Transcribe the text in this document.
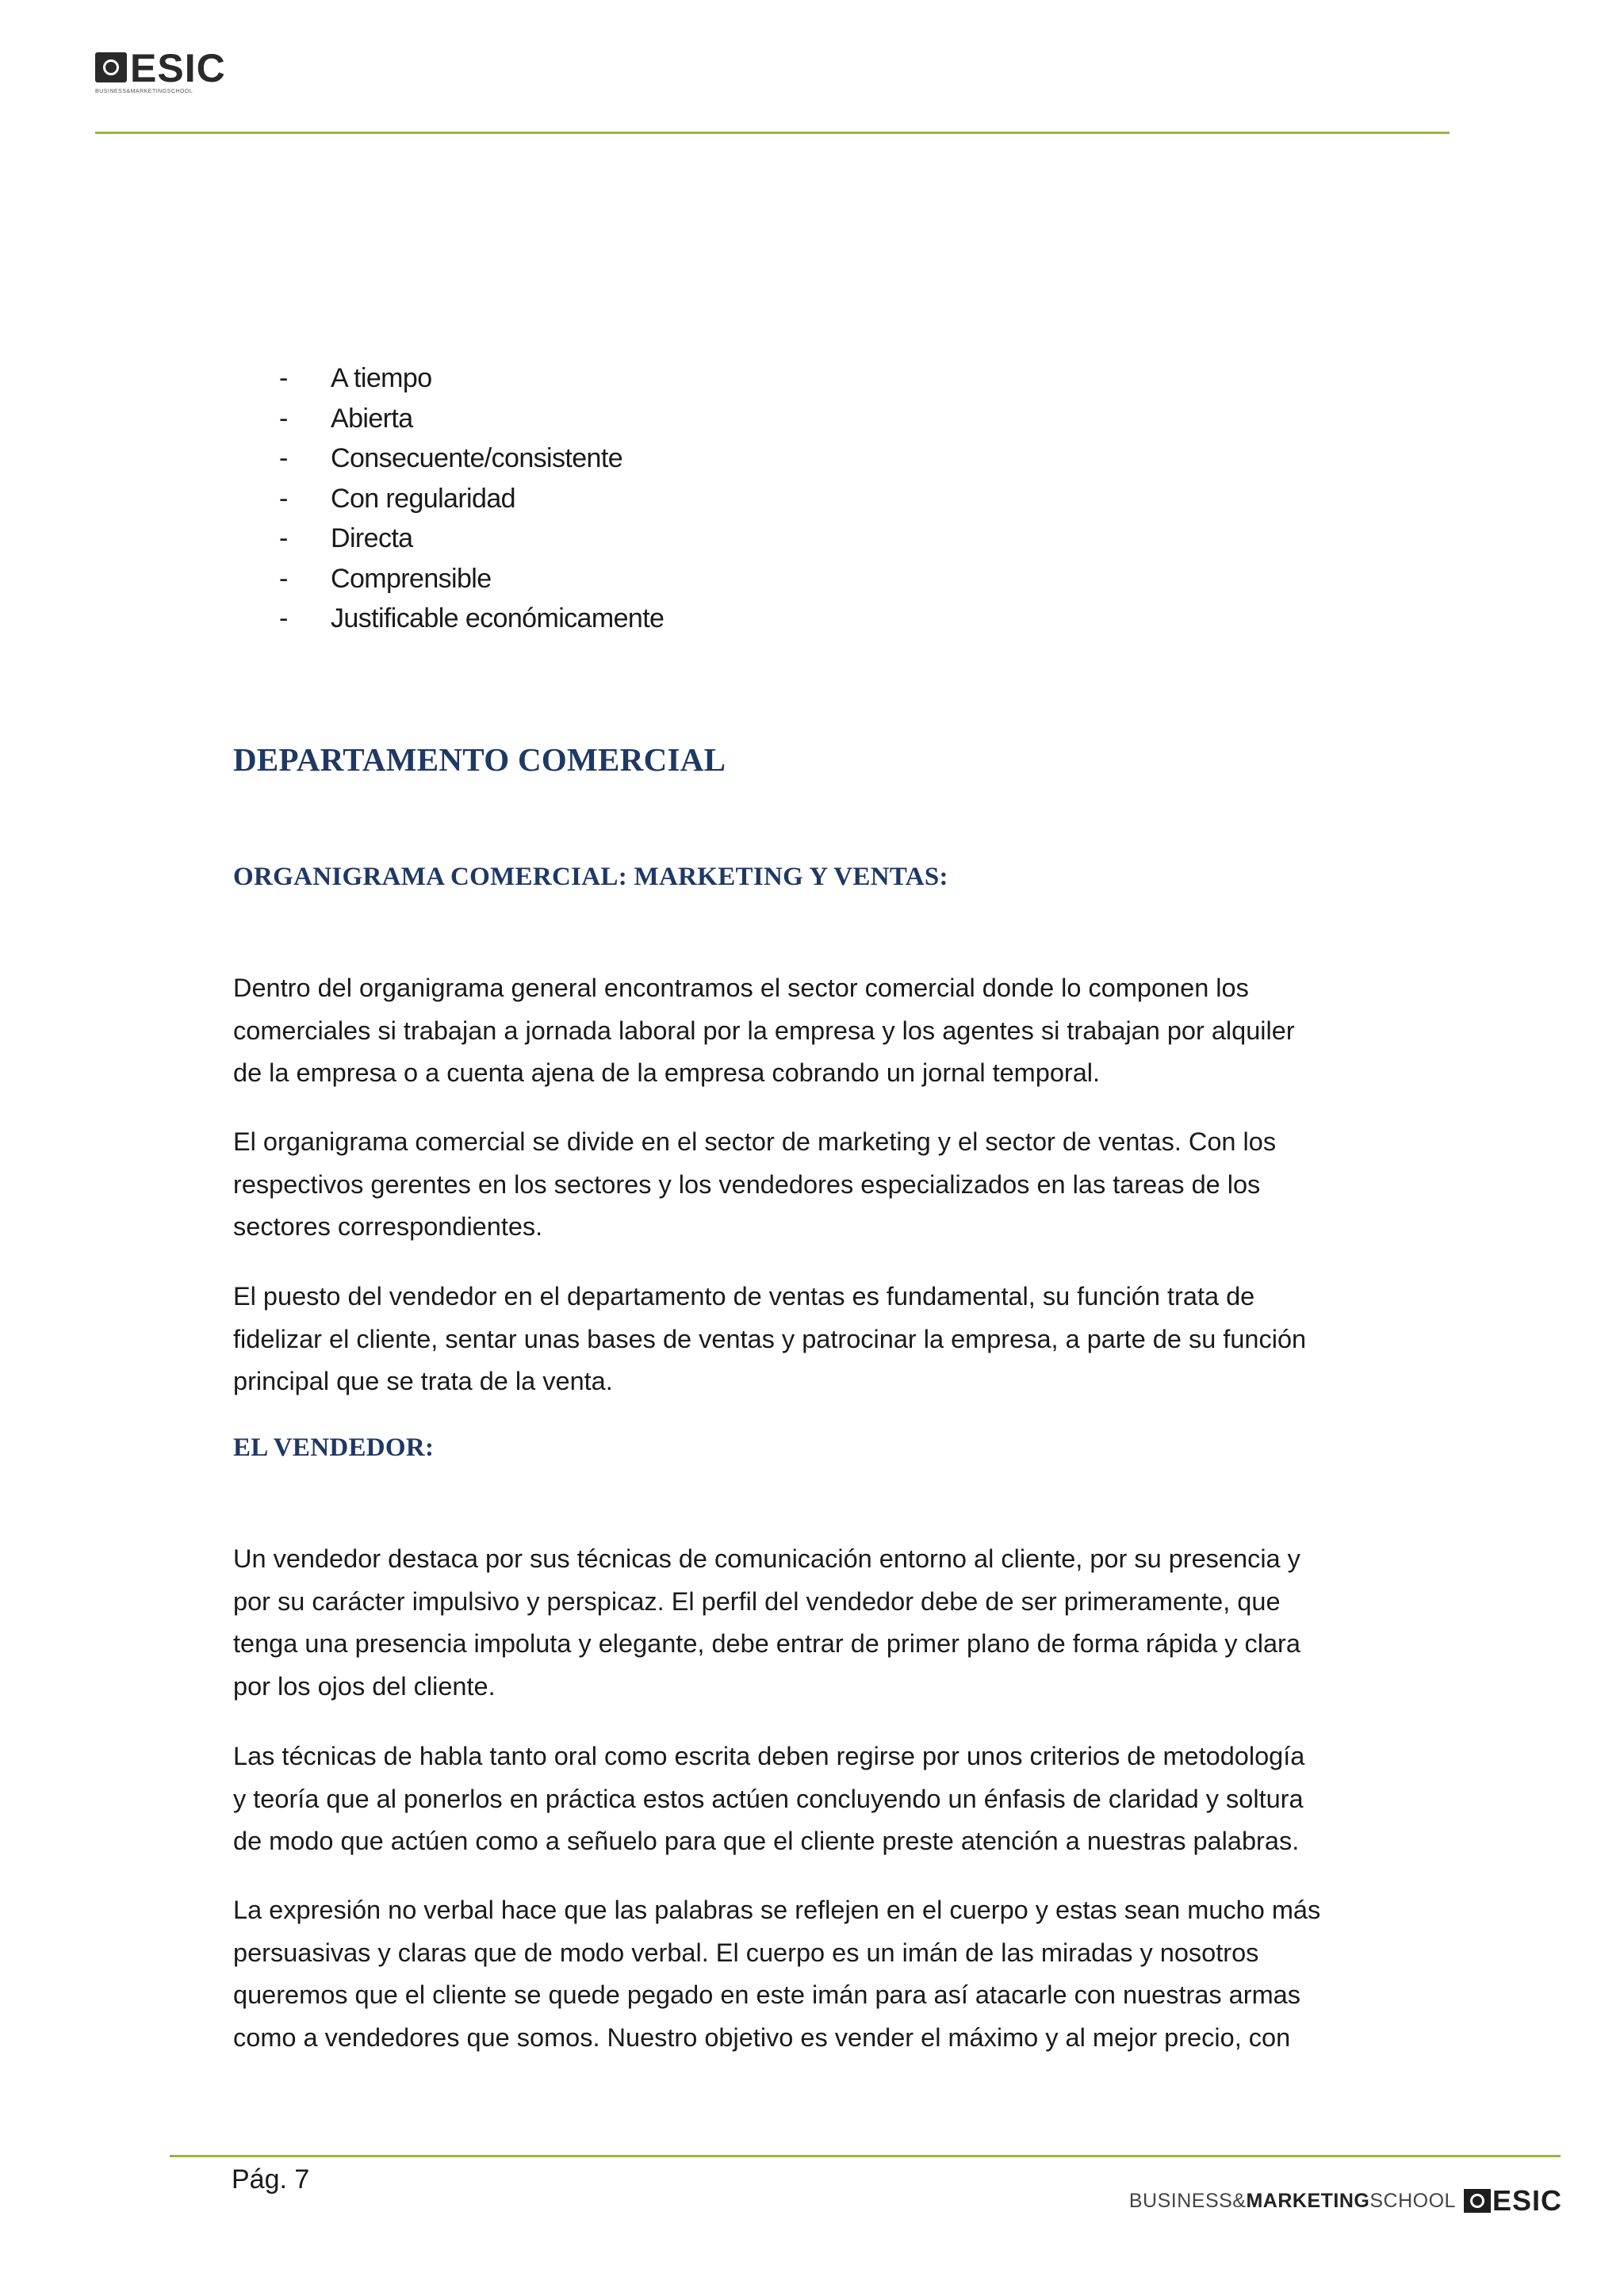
ESIC
BUSINESS&MARKETINGSCHOOL
- A tiempo
- Abierta
- Consecuente/consistente
- Con regularidad
- Directa
- Comprensible
- Justificable económicamente
DEPARTAMENTO COMERCIAL
ORGANIGRAMA COMERCIAL: MARKETING Y VENTAS:

Dentro del organigrama general encontramos el sector comercial donde lo componen los
comerciales si trabajan a jornada laboral por la empresa y los agentes si trabajan por alquiler
de la empresa o a cuenta ajena de la empresa cobrando un jornal temporal.

El organigrama comercial se divide en el sector de marketing y el sector de ventas. Con los
respectivos gerentes en los sectores y los vendedores especializados en las tareas de los
sectores correspondientes.

El puesto del vendedor en el departamento de ventas es fundamental, su función trata de
fidelizar el cliente, sentar unas bases de ventas y patrocinar la empresa, a parte de su función
principal que se trata de la venta.

EL VENDEDOR:

Un vendedor destaca por sus técnicas de comunicación entorno al cliente, por su presencia y
por su carácter impulsivo y perspicaz. El perfil del vendedor debe de ser primeramente, que
tenga una presencia impoluta y elegante, debe entrar de primer plano de forma rápida y clara
por los ojos del cliente.

Las técnicas de habla tanto oral como escrita deben regirse por unos criterios de metodología
y teoría que al ponerlos en práctica estos actúen concluyendo un énfasis de claridad y soltura
de modo que actúen como a señuelo para que el cliente preste atención a nuestras palabras.

La expresión no verbal hace que las palabras se reflejen en el cuerpo y estas sean mucho más
persuasivas y claras que de modo verbal. El cuerpo es un imán de las miradas y nosotros
queremos que el cliente se quede pegado en este imán para así atacarle con nuestras armas
como a vendedores que somos. Nuestro objetivo es vender el máximo y al mejor precio, con

Pág. 7
BUSINESS&MARKETINGSCHOOL ESIC
